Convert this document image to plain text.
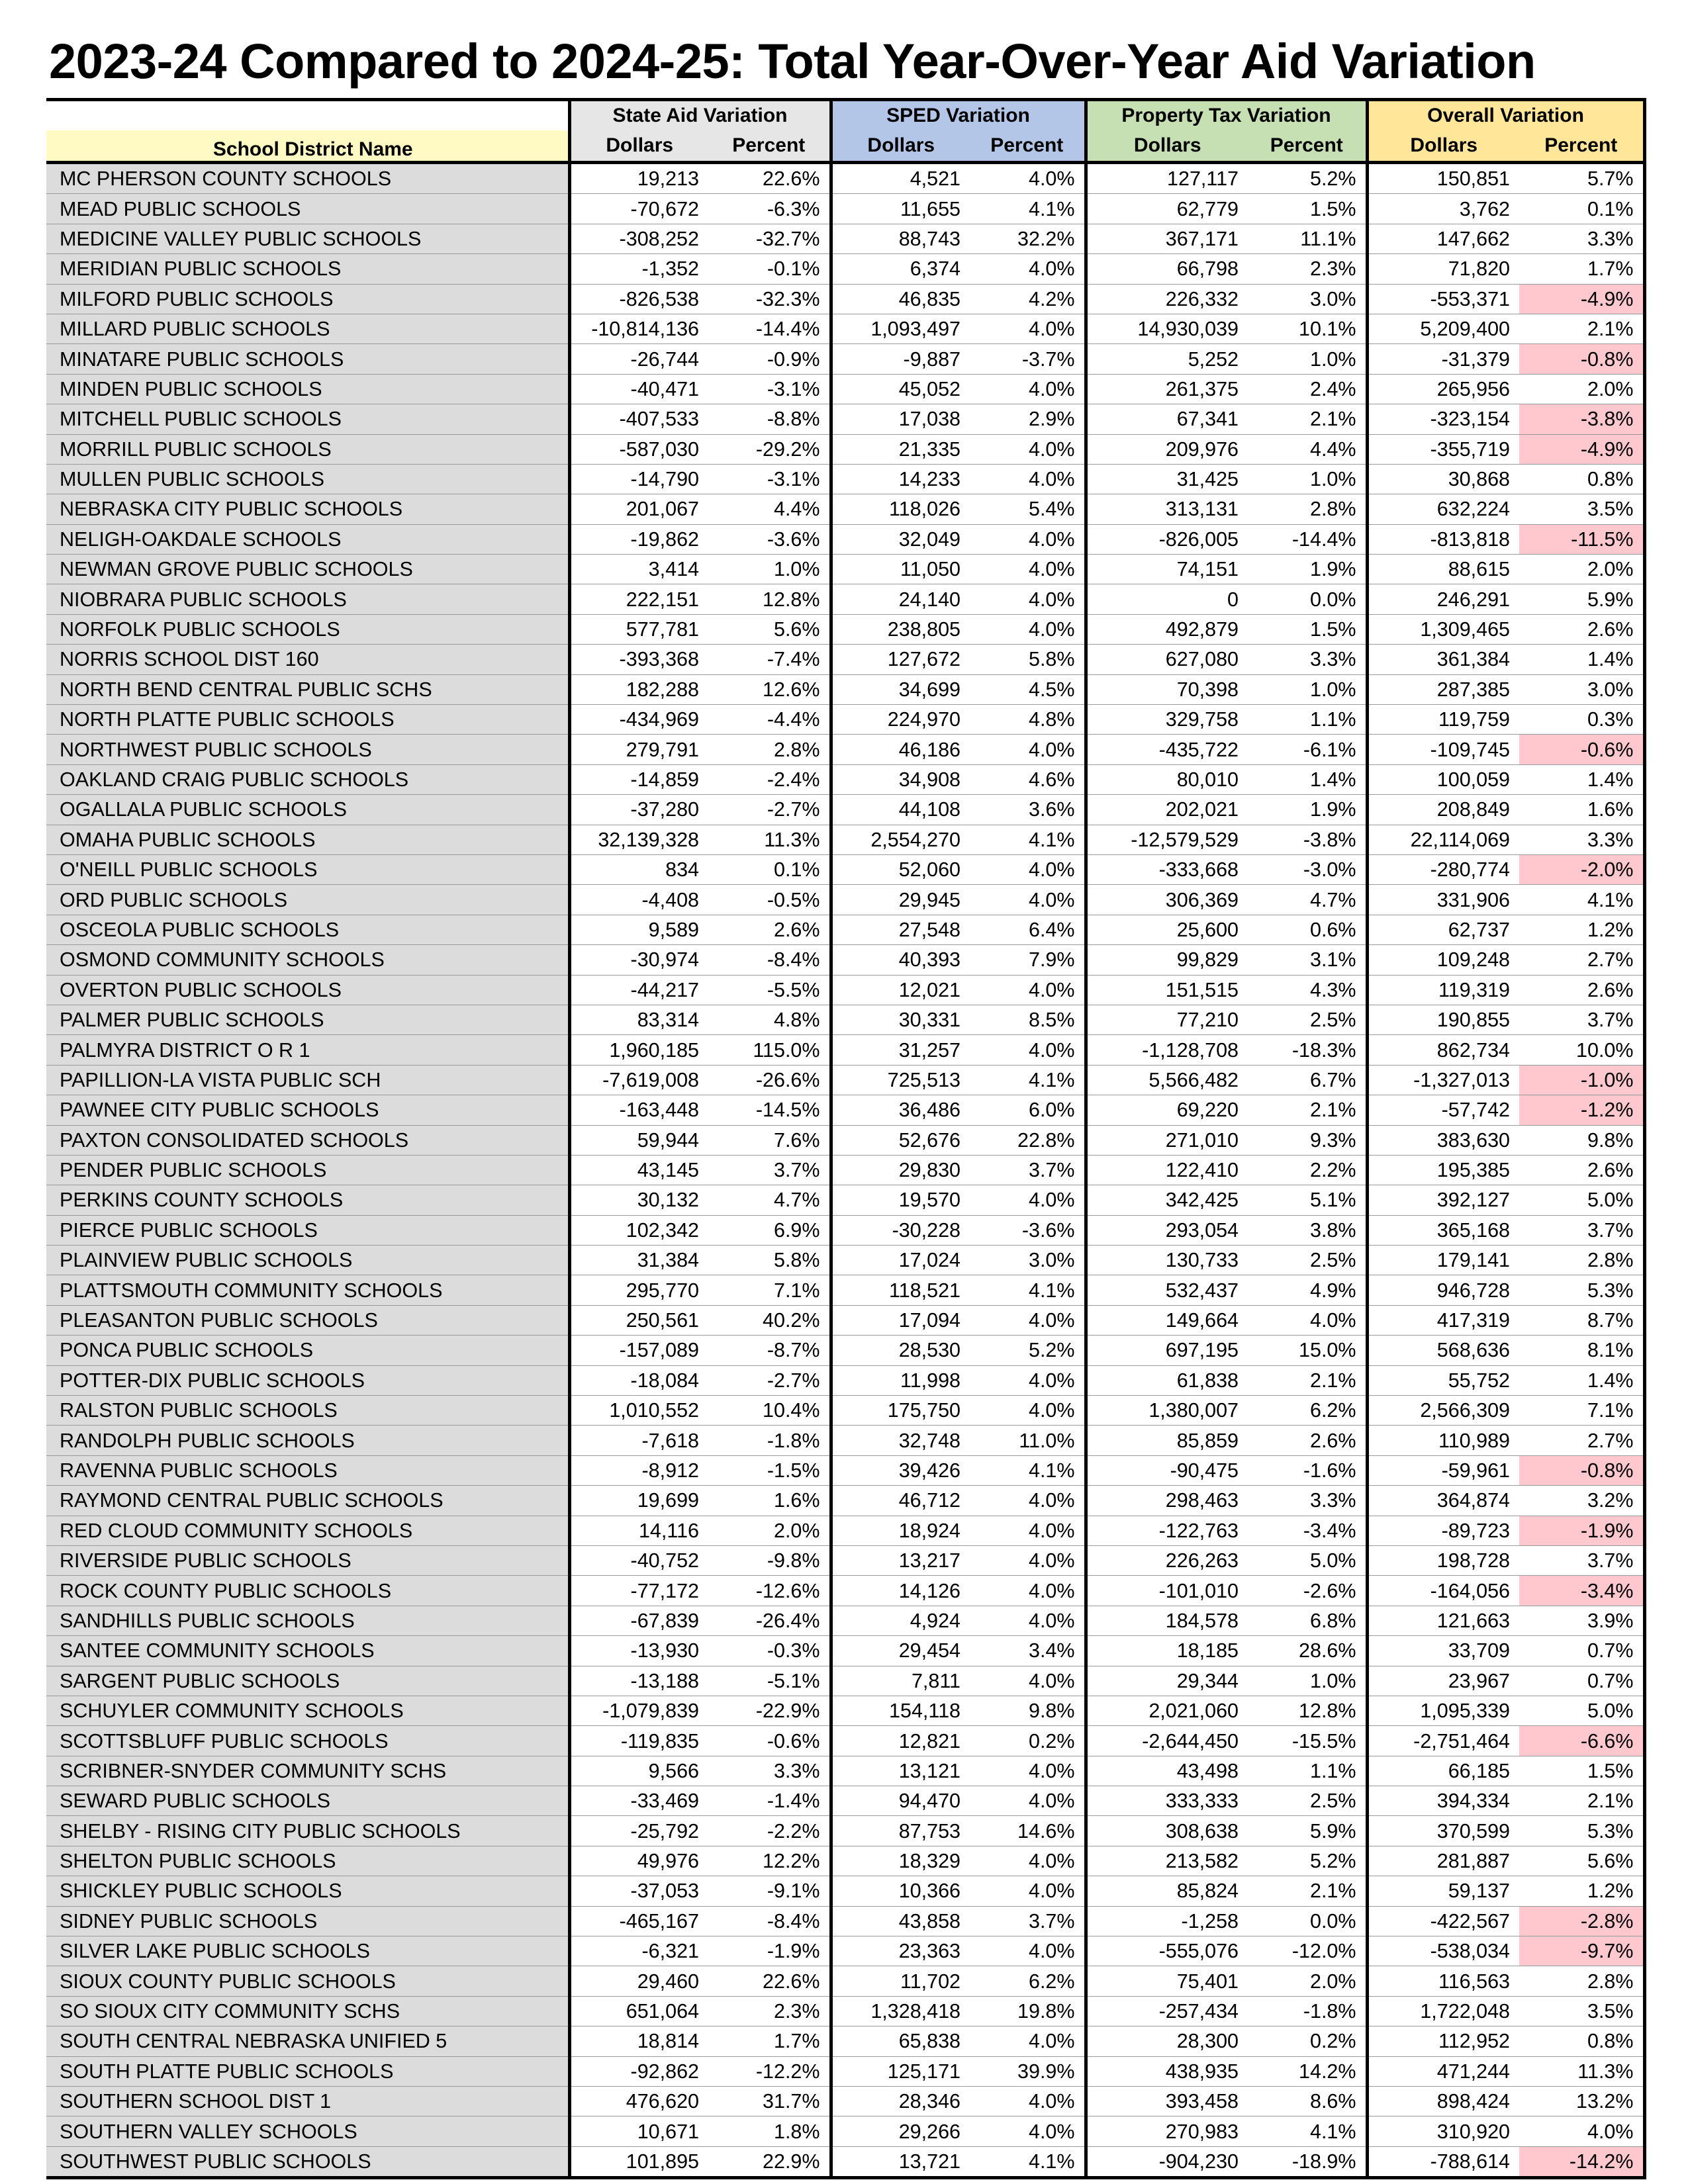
2023-24 Compared to 2024-25: Total Year-Over-Year Aid Variation
	State Aid Variation		SPED Variation		Property Tax Variation		Overall Variation	
School District Name	Dollars	Percent	Dollars	Percent	Dollars	Percent	Dollars	Percent
MC PHERSON COUNTY SCHOOLS	19,213	22.6%	4,521	4.0%	127,117	5.2%	150,851	5.7%
MEAD PUBLIC SCHOOLS	-70,672	-6.3%	11,655	4.1%	62,779	1.5%	3,762	0.1%
MEDICINE VALLEY PUBLIC SCHOOLS	-308,252	-32.7%	88,743	32.2%	367,171	11.1%	147,662	3.3%
MERIDIAN PUBLIC SCHOOLS	-1,352	-0.1%	6,374	4.0%	66,798	2.3%	71,820	1.7%
MILFORD PUBLIC SCHOOLS	-826,538	-32.3%	46,835	4.2%	226,332	3.0%	-553,371	-4.9%
MILLARD PUBLIC SCHOOLS	-10,814,136	-14.4%	1,093,497	4.0%	14,930,039	10.1%	5,209,400	2.1%
MINATARE PUBLIC SCHOOLS	-26,744	-0.9%	-9,887	-3.7%	5,252	1.0%	-31,379	-0.8%
MINDEN PUBLIC SCHOOLS	-40,471	-3.1%	45,052	4.0%	261,375	2.4%	265,956	2.0%
MITCHELL PUBLIC SCHOOLS	-407,533	-8.8%	17,038	2.9%	67,341	2.1%	-323,154	-3.8%
MORRILL PUBLIC SCHOOLS	-587,030	-29.2%	21,335	4.0%	209,976	4.4%	-355,719	-4.9%
MULLEN PUBLIC SCHOOLS	-14,790	-3.1%	14,233	4.0%	31,425	1.0%	30,868	0.8%
NEBRASKA CITY PUBLIC SCHOOLS	201,067	4.4%	118,026	5.4%	313,131	2.8%	632,224	3.5%
NELIGH-OAKDALE SCHOOLS	-19,862	-3.6%	32,049	4.0%	-826,005	-14.4%	-813,818	-11.5%
NEWMAN GROVE PUBLIC SCHOOLS	3,414	1.0%	11,050	4.0%	74,151	1.9%	88,615	2.0%
NIOBRARA PUBLIC SCHOOLS	222,151	12.8%	24,140	4.0%	0	0.0%	246,291	5.9%
NORFOLK PUBLIC SCHOOLS	577,781	5.6%	238,805	4.0%	492,879	1.5%	1,309,465	2.6%
NORRIS SCHOOL DIST 160	-393,368	-7.4%	127,672	5.8%	627,080	3.3%	361,384	1.4%
NORTH BEND CENTRAL PUBLIC SCHS	182,288	12.6%	34,699	4.5%	70,398	1.0%	287,385	3.0%
NORTH PLATTE PUBLIC SCHOOLS	-434,969	-4.4%	224,970	4.8%	329,758	1.1%	119,759	0.3%
NORTHWEST PUBLIC SCHOOLS	279,791	2.8%	46,186	4.0%	-435,722	-6.1%	-109,745	-0.6%
OAKLAND CRAIG PUBLIC SCHOOLS	-14,859	-2.4%	34,908	4.6%	80,010	1.4%	100,059	1.4%
OGALLALA PUBLIC SCHOOLS	-37,280	-2.7%	44,108	3.6%	202,021	1.9%	208,849	1.6%
OMAHA PUBLIC SCHOOLS	32,139,328	11.3%	2,554,270	4.1%	-12,579,529	-3.8%	22,114,069	3.3%
O'NEILL PUBLIC SCHOOLS	834	0.1%	52,060	4.0%	-333,668	-3.0%	-280,774	-2.0%
ORD PUBLIC SCHOOLS	-4,408	-0.5%	29,945	4.0%	306,369	4.7%	331,906	4.1%
OSCEOLA PUBLIC SCHOOLS	9,589	2.6%	27,548	6.4%	25,600	0.6%	62,737	1.2%
OSMOND COMMUNITY SCHOOLS	-30,974	-8.4%	40,393	7.9%	99,829	3.1%	109,248	2.7%
OVERTON PUBLIC SCHOOLS	-44,217	-5.5%	12,021	4.0%	151,515	4.3%	119,319	2.6%
PALMER PUBLIC SCHOOLS	83,314	4.8%	30,331	8.5%	77,210	2.5%	190,855	3.7%
PALMYRA DISTRICT O R 1	1,960,185	115.0%	31,257	4.0%	-1,128,708	-18.3%	862,734	10.0%
PAPILLION-LA VISTA PUBLIC SCH	-7,619,008	-26.6%	725,513	4.1%	5,566,482	6.7%	-1,327,013	-1.0%
PAWNEE CITY PUBLIC SCHOOLS	-163,448	-14.5%	36,486	6.0%	69,220	2.1%	-57,742	-1.2%
PAXTON CONSOLIDATED SCHOOLS	59,944	7.6%	52,676	22.8%	271,010	9.3%	383,630	9.8%
PENDER PUBLIC SCHOOLS	43,145	3.7%	29,830	3.7%	122,410	2.2%	195,385	2.6%
PERKINS COUNTY SCHOOLS	30,132	4.7%	19,570	4.0%	342,425	5.1%	392,127	5.0%
PIERCE PUBLIC SCHOOLS	102,342	6.9%	-30,228	-3.6%	293,054	3.8%	365,168	3.7%
PLAINVIEW PUBLIC SCHOOLS	31,384	5.8%	17,024	3.0%	130,733	2.5%	179,141	2.8%
PLATTSMOUTH COMMUNITY SCHOOLS	295,770	7.1%	118,521	4.1%	532,437	4.9%	946,728	5.3%
PLEASANTON PUBLIC SCHOOLS	250,561	40.2%	17,094	4.0%	149,664	4.0%	417,319	8.7%
PONCA PUBLIC SCHOOLS	-157,089	-8.7%	28,530	5.2%	697,195	15.0%	568,636	8.1%
POTTER-DIX PUBLIC SCHOOLS	-18,084	-2.7%	11,998	4.0%	61,838	2.1%	55,752	1.4%
RALSTON PUBLIC SCHOOLS	1,010,552	10.4%	175,750	4.0%	1,380,007	6.2%	2,566,309	7.1%
RANDOLPH PUBLIC SCHOOLS	-7,618	-1.8%	32,748	11.0%	85,859	2.6%	110,989	2.7%
RAVENNA PUBLIC SCHOOLS	-8,912	-1.5%	39,426	4.1%	-90,475	-1.6%	-59,961	-0.8%
RAYMOND CENTRAL PUBLIC SCHOOLS	19,699	1.6%	46,712	4.0%	298,463	3.3%	364,874	3.2%
RED CLOUD COMMUNITY SCHOOLS	14,116	2.0%	18,924	4.0%	-122,763	-3.4%	-89,723	-1.9%
RIVERSIDE PUBLIC SCHOOLS	-40,752	-9.8%	13,217	4.0%	226,263	5.0%	198,728	3.7%
ROCK COUNTY PUBLIC SCHOOLS	-77,172	-12.6%	14,126	4.0%	-101,010	-2.6%	-164,056	-3.4%
SANDHILLS PUBLIC SCHOOLS	-67,839	-26.4%	4,924	4.0%	184,578	6.8%	121,663	3.9%
SANTEE COMMUNITY SCHOOLS	-13,930	-0.3%	29,454	3.4%	18,185	28.6%	33,709	0.7%
SARGENT PUBLIC SCHOOLS	-13,188	-5.1%	7,811	4.0%	29,344	1.0%	23,967	0.7%
SCHUYLER COMMUNITY SCHOOLS	-1,079,839	-22.9%	154,118	9.8%	2,021,060	12.8%	1,095,339	5.0%
SCOTTSBLUFF PUBLIC SCHOOLS	-119,835	-0.6%	12,821	0.2%	-2,644,450	-15.5%	-2,751,464	-6.6%
SCRIBNER-SNYDER COMMUNITY SCHS	9,566	3.3%	13,121	4.0%	43,498	1.1%	66,185	1.5%
SEWARD PUBLIC SCHOOLS	-33,469	-1.4%	94,470	4.0%	333,333	2.5%	394,334	2.1%
SHELBY - RISING CITY PUBLIC SCHOOLS	-25,792	-2.2%	87,753	14.6%	308,638	5.9%	370,599	5.3%
SHELTON PUBLIC SCHOOLS	49,976	12.2%	18,329	4.0%	213,582	5.2%	281,887	5.6%
SHICKLEY PUBLIC SCHOOLS	-37,053	-9.1%	10,366	4.0%	85,824	2.1%	59,137	1.2%
SIDNEY PUBLIC SCHOOLS	-465,167	-8.4%	43,858	3.7%	-1,258	0.0%	-422,567	-2.8%
SILVER LAKE PUBLIC SCHOOLS	-6,321	-1.9%	23,363	4.0%	-555,076	-12.0%	-538,034	-9.7%
SIOUX COUNTY PUBLIC SCHOOLS	29,460	22.6%	11,702	6.2%	75,401	2.0%	116,563	2.8%
SO SIOUX CITY COMMUNITY SCHS	651,064	2.3%	1,328,418	19.8%	-257,434	-1.8%	1,722,048	3.5%
SOUTH CENTRAL NEBRASKA UNIFIED 5	18,814	1.7%	65,838	4.0%	28,300	0.2%	112,952	0.8%
SOUTH PLATTE PUBLIC SCHOOLS	-92,862	-12.2%	125,171	39.9%	438,935	14.2%	471,244	11.3%
SOUTHERN SCHOOL DIST 1	476,620	31.7%	28,346	4.0%	393,458	8.6%	898,424	13.2%
SOUTHERN VALLEY SCHOOLS	10,671	1.8%	29,266	4.0%	270,983	4.1%	310,920	4.0%
SOUTHWEST PUBLIC SCHOOLS	101,895	22.9%	13,721	4.1%	-904,230	-18.9%	-788,614	-14.2%
